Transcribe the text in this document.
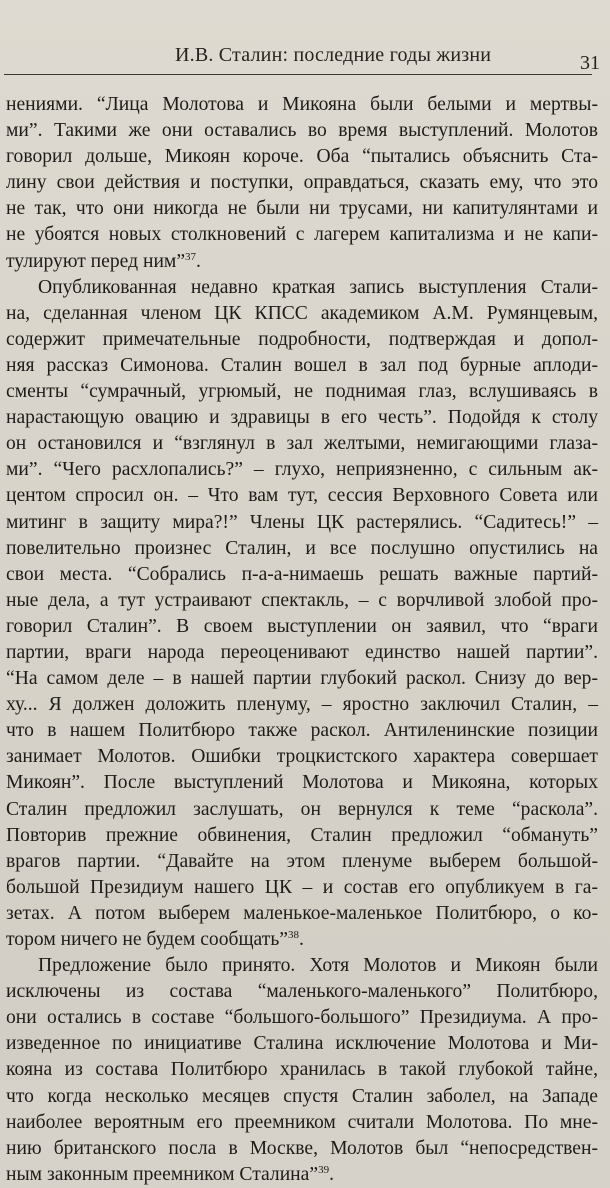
И.В. Сталин: последние годы жизни	31
нениями. “Лица Молотова и Микояна были белыми и мертвы-
ми”. Такими же они оставались во время выступлений. Молотов
говорил дольше, Микоян короче. Оба “пытались объяснить Ста-
лину свои действия и поступки, оправдаться, сказать ему, что это
не так, что они никогда не были ни трусами, ни капитулянтами и
не убоятся новых столкновений с лагерем капитализма и не капи-
тулируют перед ним”$^{37}$.
Опубликованная недавно краткая запись выступления Стали-
на, сделанная членом ЦК КПСС академиком А.М. Румянцевым,
содержит примечательные подробности, подтверждая и допол-
няя рассказ Симонова. Сталин вошел в зал под бурные аплоди-
сменты “сумрачный, угрюмый, не поднимая глаз, вслушиваясь в
нарастающую овацию и здравицы в его честь”. Подойдя к столу
он остановился и “взглянул в зал желтыми, немигающими глаза-
ми”. “Чего расхлопались?” – глухо, неприязненно, с сильным ак-
центом спросил он. – Что вам тут, сессия Верховного Совета или
митинг в защиту мира?!” Члены ЦК растерялись. “Садитесь!” –
повелительно произнес Сталин, и все послушно опустились на
свои места. “Собрались п-а-а-нимаешь решать важные партий-
ные дела, а тут устраивают спектакль, – с ворчливой злобой про-
говорил Сталин”. В своем выступлении он заявил, что “враги
партии, враги народа переоценивают единство нашей партии”.
“На самом деле – в нашей партии глубокий раскол. Снизу до вер-
ху... Я должен доложить пленуму, – яростно заключил Сталин, –
что в нашем Политбюро также раскол. Антиленинские позиции
занимает Молотов. Ошибки троцкистского характера совершает
Микоян”. После выступлений Молотова и Микояна, которых
Сталин предложил заслушать, он вернулся к теме “раскола”.
Повторив прежние обвинения, Сталин предложил “обмануть”
врагов партии. “Давайте на этом пленуме выберем большой-
большой Президиум нашего ЦК – и состав его опубликуем в га-
зетах. А потом выберем маленькое-маленькое Политбюро, о ко-
тором ничего не будем сообщать”$^{38}$.
Предложение было принято. Хотя Молотов и Микоян были
исключены из состава “маленького-маленького” Политбюро,
они остались в составе “большого-большого” Президиума. А про-
изведенное по инициативе Сталина исключение Молотова и Ми-
кояна из состава Политбюро хранилась в такой глубокой тайне,
что когда несколько месяцев спустя Сталин заболел, на Западе
наиболее вероятным его преемником считали Молотова. По мне-
нию британского посла в Москве, Молотов был “непосредствен-
ным законным преемником Сталина”$^{39}$.
